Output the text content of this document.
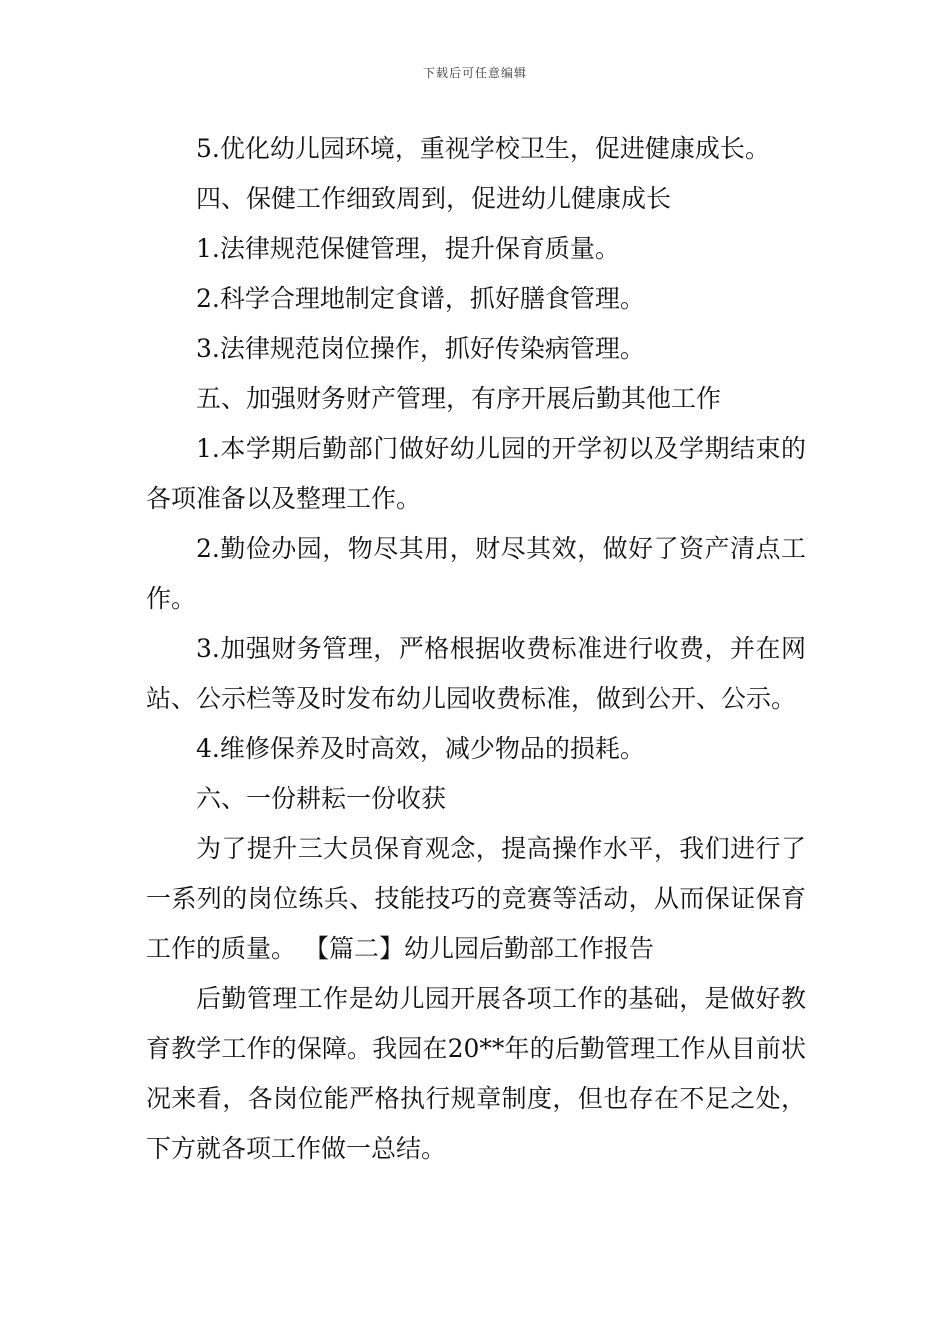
下载后可任意编辑

5.优化幼儿园环境，重视学校卫生，促进健康成长。

四、保健工作细致周到，促进幼儿健康成长

1.法律规范保健管理，提升保育质量。

2.科学合理地制定食谱，抓好膳食管理。

3.法律规范岗位操作，抓好传染病管理。

五、加强财务财产管理，有序开展后勤其他工作

1.本学期后勤部门做好幼儿园的开学初以及学期结束的各项准备以及整理工作。

2.勤俭办园，物尽其用，财尽其效，做好了资产清点工作。

3.加强财务管理，严格根据收费标准进行收费，并在网站、公示栏等及时发布幼儿园收费标准，做到公开、公示。

4.维修保养及时高效，减少物品的损耗。

六、一份耕耘一份收获

为了提升三大员保育观念，提高操作水平，我们进行了一系列的岗位练兵、技能技巧的竞赛等活动，从而保证保育工作的质量。 【篇二】幼儿园后勤部工作报告

后勤管理工作是幼儿园开展各项工作的基础，是做好教育教学工作的保障。我园在20**年的后勤管理工作从目前状况来看，各岗位能严格执行规章制度，但也存在不足之处，下方就各项工作做一总结。
